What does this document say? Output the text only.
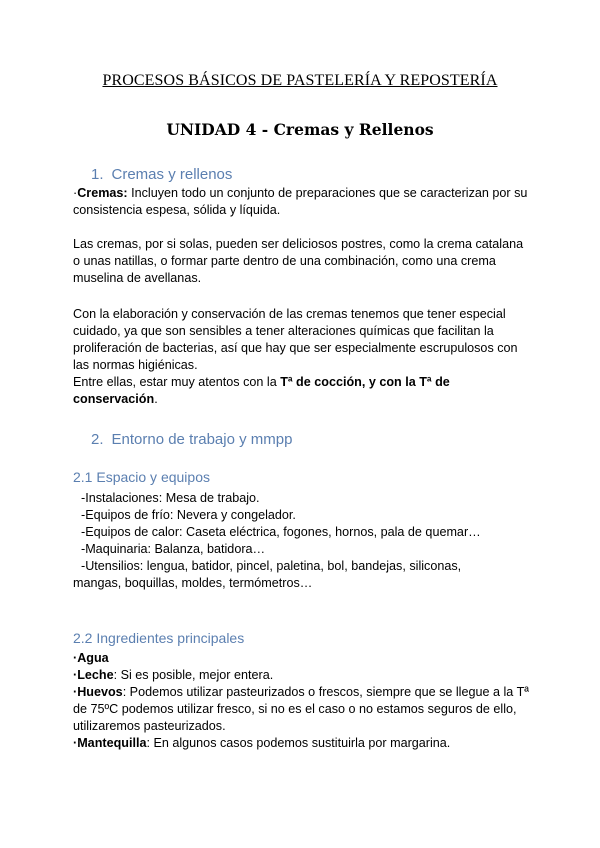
PROCESOS BÁSICOS DE PASTELERÍA Y REPOSTERÍA
UNIDAD 4 - Cremas y Rellenos
1. Cremas y rellenos

·Cremas: Incluyen todo un conjunto de preparaciones que se caracterizan por su consistencia espesa, sólida y líquida.

Las cremas, por si solas, pueden ser deliciosos postres, como la crema catalana o unas natillas, o formar parte dentro de una combinación, como una crema muselina de avellanas.

Con la elaboración y conservación de las cremas tenemos que tener especial cuidado, ya que son sensibles a tener alteraciones químicas que facilitan la proliferación de bacterias, así que hay que ser especialmente escrupulosos con las normas higiénicas.

Entre ellas, estar muy atentos con la Tª de cocción, y con la Tª de conservación.

2. Entorno de trabajo y mmpp
2.1 Espacio y equipos

-Instalaciones: Mesa de trabajo.

-Equipos de frío: Nevera y congelador.

-Equipos de calor: Caseta eléctrica, fogones, hornos, pala de quemar…

-Maquinaria: Balanza, batidora…

-Utensilios: lengua, batidor, pincel, paletina, bol, bandejas, siliconas,

mangas, boquillas, moldes, termómetros…

2.2 Ingredientes principales

·Agua

·Leche: Si es posible, mejor entera.

·Huevos: Podemos utilizar pasteurizados o frescos, siempre que se llegue a la Tª de 75ºC podemos utilizar fresco, si no es el caso o no estamos seguros de ello, utilizaremos pasteurizados.

·Mantequilla: En algunos casos podemos sustituirla por margarina.
